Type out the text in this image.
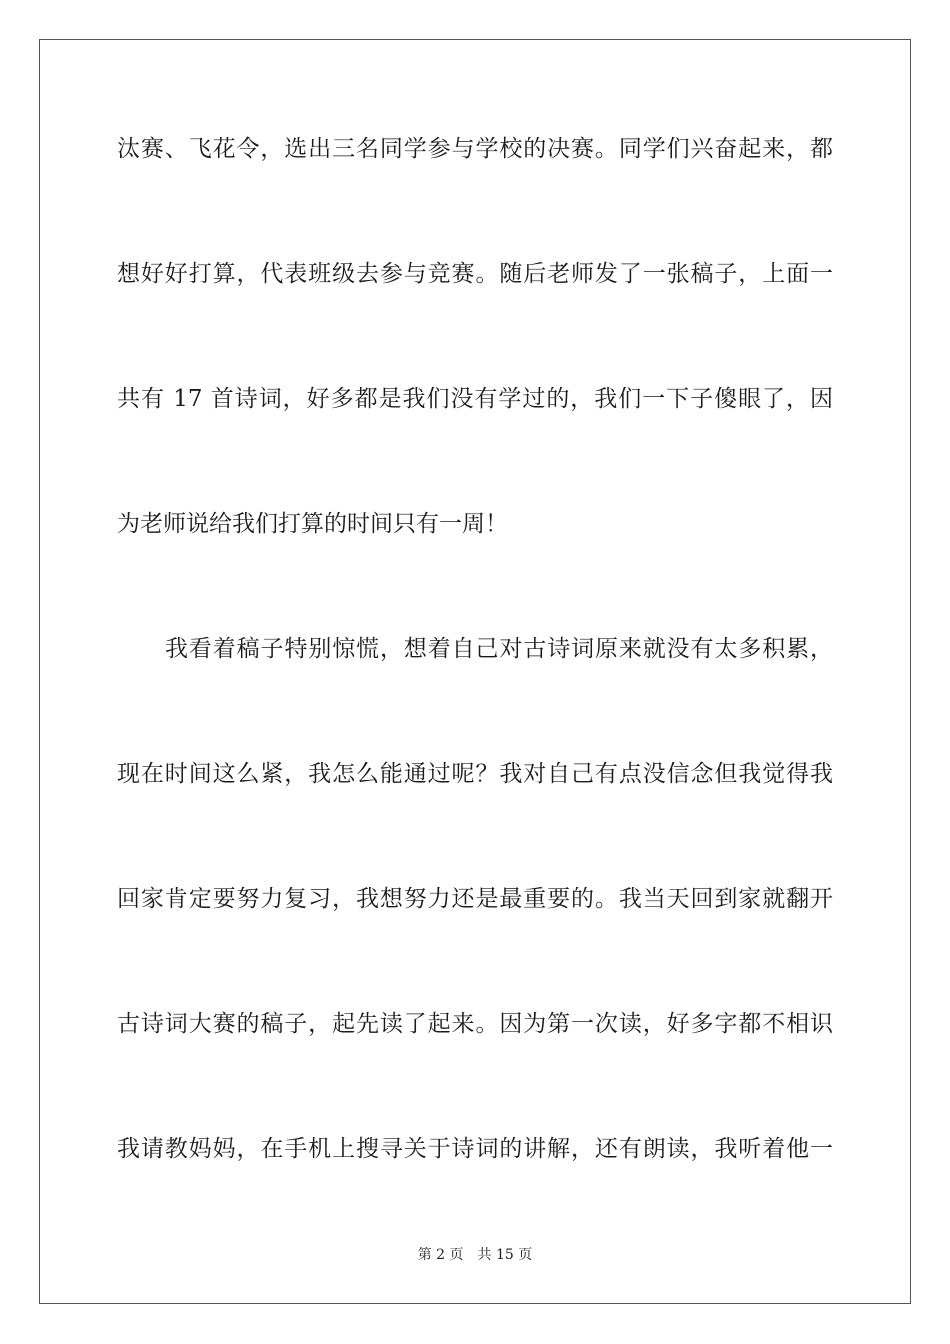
汰赛、飞花令，选出三名同学参与学校的决赛。同学们兴奋起来，都
想好好打算，代表班级去参与竞赛。随后老师发了一张稿子，上面一
共有 17 首诗词，好多都是我们没有学过的，我们一下子傻眼了，因
为老师说给我们打算的时间只有一周！
我看着稿子特别惊慌，想着自己对古诗词原来就没有太多积累，
现在时间这么紧，我怎么能通过呢？我对自己有点没信念但我觉得我
回家肯定要努力复习，我想努力还是最重要的。我当天回到家就翻开
古诗词大赛的稿子，起先读了起来。因为第一次读，好多字都不相识
我请教妈妈，在手机上搜寻关于诗词的讲解，还有朗读，我听着他一
第 2 页 共 15 页
